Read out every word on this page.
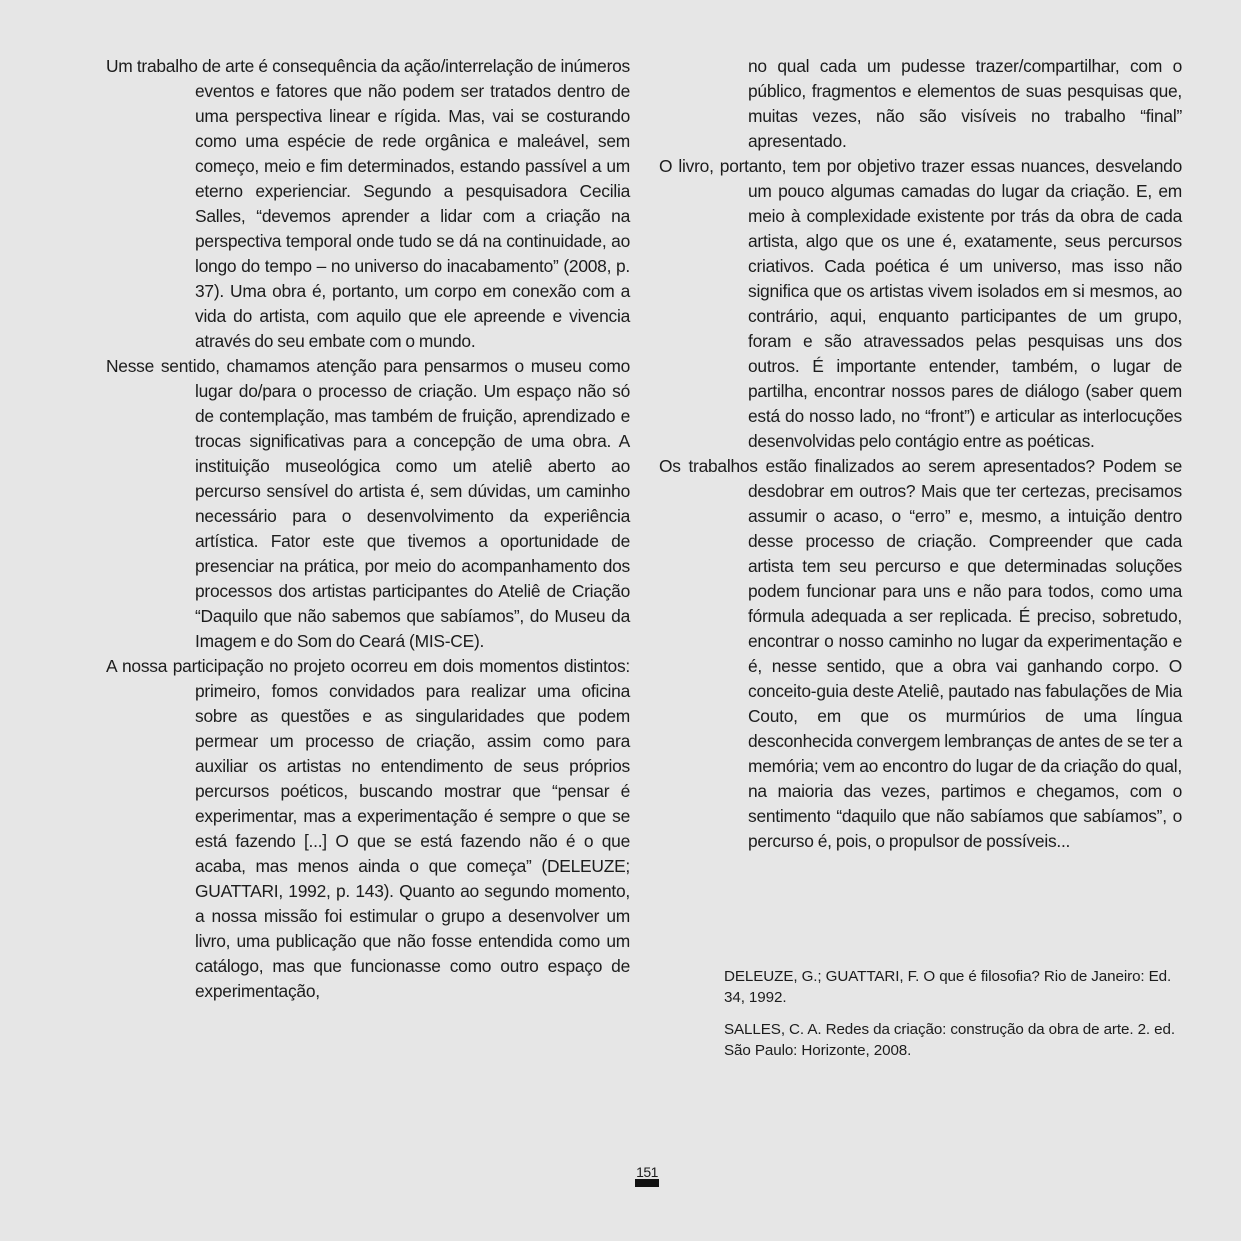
Um trabalho de arte é consequência da ação/interrelação de inúmeros eventos e fatores que não podem ser tratados dentro de uma perspectiva linear e rígida. Mas, vai se costurando como uma espécie de rede orgânica e maleável, sem começo, meio e fim determinados, estando passível a um eterno experienciar. Segundo a pesquisadora Cecilia Salles, “devemos aprender a lidar com a criação na perspectiva temporal onde tudo se dá na continuidade, ao longo do tempo – no universo do inacabamento” (2008, p. 37). Uma obra é, portanto, um corpo em conexão com a vida do artista, com aquilo que ele apreende e vivencia através do seu embate com o mundo.

Nesse sentido, chamamos atenção para pensarmos o museu como lugar do/para o processo de criação. Um espaço não só de contemplação, mas também de fruição, aprendizado e trocas significativas para a concepção de uma obra. A instituição museológica como um ateliê aberto ao percurso sensível do artista é, sem dúvidas, um caminho necessário para o desenvolvimento da experiência artística. Fator este que tivemos a oportunidade de presenciar na prática, por meio do acompanhamento dos processos dos artistas participantes do Ateliê de Criação “Daquilo que não sabemos que sabíamos”, do Museu da Imagem e do Som do Ceará (MIS-CE).

A nossa participação no projeto ocorreu em dois momentos distintos: primeiro, fomos convidados para realizar uma oficina sobre as questões e as singularidades que podem permear um processo de criação, assim como para auxiliar os artistas no entendimento de seus próprios percursos poéticos, buscando mostrar que “pensar é experimentar, mas a experimentação é sempre o que se está fazendo [...] O que se está fazendo não é o que acaba, mas menos ainda o que começa” (DELEUZE; GUATTARI, 1992, p. 143). Quanto ao segundo momento, a nossa missão foi estimular o grupo a desenvolver um livro, uma publicação que não fosse entendida como um catálogo, mas que funcionasse como outro espaço de experimentação,

no qual cada um pudesse trazer/compartilhar, com o público, fragmentos e elementos de suas pesquisas que, muitas vezes, não são visíveis no trabalho “final” apresentado.

O livro, portanto, tem por objetivo trazer essas nuances, desvelando um pouco algumas camadas do lugar da criação. E, em meio à complexidade existente por trás da obra de cada artista, algo que os une é, exatamente, seus percursos criativos. Cada poética é um universo, mas isso não significa que os artistas vivem isolados em si mesmos, ao contrário, aqui, enquanto participantes de um grupo, foram e são atravessados pelas pesquisas uns dos outros. É importante entender, também, o lugar de partilha, encontrar nossos pares de diálogo (saber quem está do nosso lado, no “front”) e articular as interlocuções desenvolvidas pelo contágio entre as poéticas.

Os trabalhos estão finalizados ao serem apresentados? Podem se desdobrar em outros? Mais que ter certezas, precisamos assumir o acaso, o “erro” e, mesmo, a intuição dentro desse processo de criação. Compreender que cada artista tem seu percurso e que determinadas soluções podem funcionar para uns e não para todos, como uma fórmula adequada a ser replicada. É preciso, sobretudo, encontrar o nosso caminho no lugar da experimentação e é, nesse sentido, que a obra vai ganhando corpo. O conceito-guia deste Ateliê, pautado nas fabulações de Mia Couto, em que os murmúrios de uma língua desconhecida convergem lembranças de antes de se ter a memória; vem ao encontro do lugar de da criação do qual, na maioria das vezes, partimos e chegamos, com o sentimento “daquilo que não sabíamos que sabíamos”, o percurso é, pois, o propulsor de possíveis...

DELEUZE, G.; GUATTARI, F. O que é filosofia? Rio de Janeiro: Ed. 34, 1992.

SALLES, C. A. Redes da criação: construção da obra de arte. 2. ed. São Paulo: Horizonte, 2008.

151
